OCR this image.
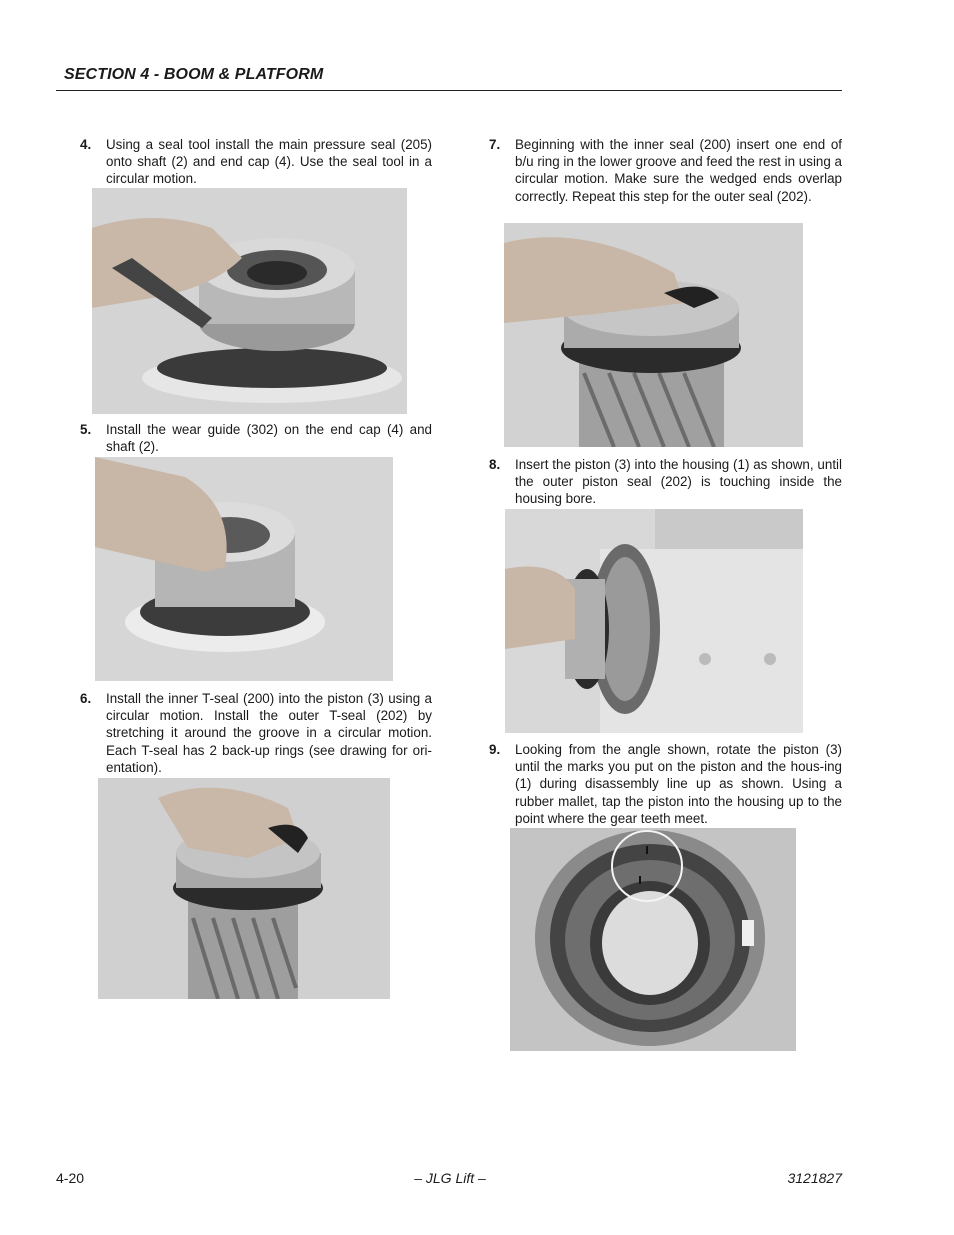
SECTION 4 - BOOM & PLATFORM
4. Using a seal tool install the main pressure seal (205) onto shaft (2) and end cap (4). Use the seal tool in a circular motion.
5. Install the wear guide (302) on the end cap (4) and shaft (2).
6. Install the inner T-seal (200) into the piston (3) using a circular motion. Install the outer T-seal (202) by stretching it around the groove in a circular motion. Each T-seal has 2 back-up rings (see drawing for ori-entation).
7. Beginning with the inner seal (200) insert one end of b/u ring in the lower groove and feed the rest in using a circular motion. Make sure the wedged ends overlap correctly. Repeat this step for the outer seal (202).
8. Insert the piston (3) into the housing (1) as shown, until the outer piston seal (202) is touching inside the housing bore.
9. Looking from the angle shown, rotate the piston (3) until the marks you put on the piston and the hous-ing (1) during disassembly line up as shown. Using a rubber mallet, tap the piston into the housing up to the point where the gear teeth meet.
4-20	– JLG Lift –	3121827
